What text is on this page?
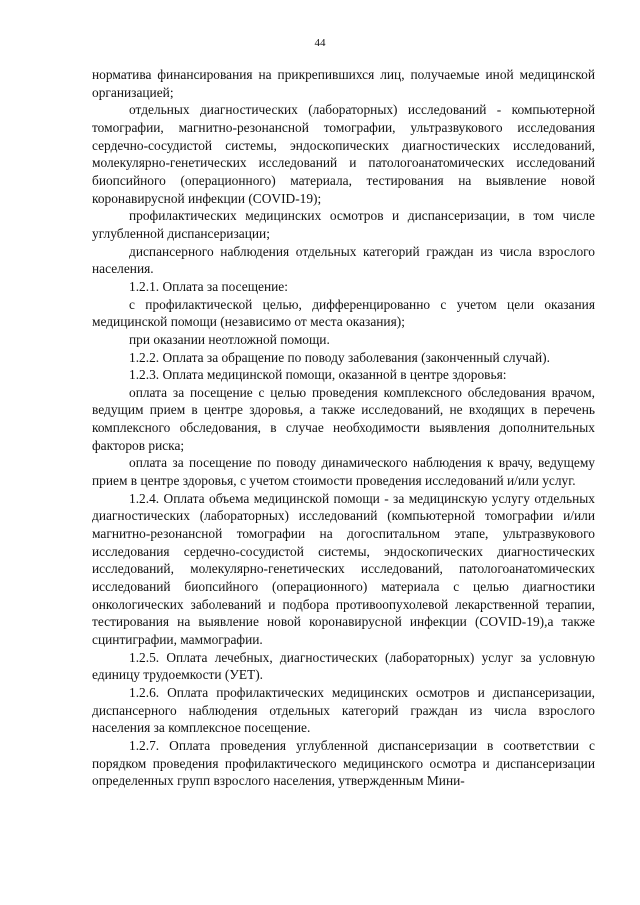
44

норматива финансирования на прикрепившихся лиц, получаемые иной медицинской организацией;

отдельных диагностических (лабораторных) исследований - компьютерной томографии, магнитно-резонансной томографии, ультразвукового исследования сердечно-сосудистой системы, эндоскопических диагностических исследований, молекулярно-генетических исследований и патологоанатомических исследований биопсийного (операционного) материала, тестирования на выявление новой коронавирусной инфекции (COVID-19);

профилактических медицинских осмотров и диспансеризации, в том числе углубленной диспансеризации;

диспансерного наблюдения отдельных категорий граждан из числа взрослого населения.

1.2.1. Оплата за посещение:

с профилактической целью, дифференцированно с учетом цели оказания медицинской помощи (независимо от места оказания);

при оказании неотложной помощи.

1.2.2. Оплата за обращение по поводу заболевания (законченный случай).

1.2.3. Оплата медицинской помощи, оказанной в центре здоровья:

оплата за посещение с целью проведения комплексного обследования врачом, ведущим прием в центре здоровья, а также исследований, не входящих в перечень комплексного обследования, в случае необходимости выявления дополнительных факторов риска;

оплата за посещение по поводу динамического наблюдения к врачу, ведущему прием в центре здоровья, с учетом стоимости проведения исследований и/или услуг.

1.2.4. Оплата объема медицинской помощи - за медицинскую услугу отдельных диагностических (лабораторных) исследований (компьютерной томографии и/или магнитно-резонансной томографии на догоспитальном этапе, ультразвукового исследования сердечно-сосудистой системы, эндоскопических диагностических исследований, молекулярно-генетических исследований, патологоанатомических исследований биопсийного (операционного) материала с целью диагностики онкологических заболеваний и подбора противоопухолевой лекарственной терапии, тестирования на выявление новой коронавирусной инфекции (COVID-19),а также сцинтиграфии, маммографии.

1.2.5. Оплата лечебных, диагностических (лабораторных) услуг за условную единицу трудоемкости (УЕТ).

1.2.6. Оплата профилактических медицинских осмотров и диспансеризации, диспансерного наблюдения отдельных категорий граждан из числа взрослого населения за комплексное посещение.

1.2.7. Оплата проведения углубленной диспансеризации в соответствии с порядком проведения профилактического медицинского осмотра и диспансеризации определенных групп взрослого населения, утвержденным Мини-
